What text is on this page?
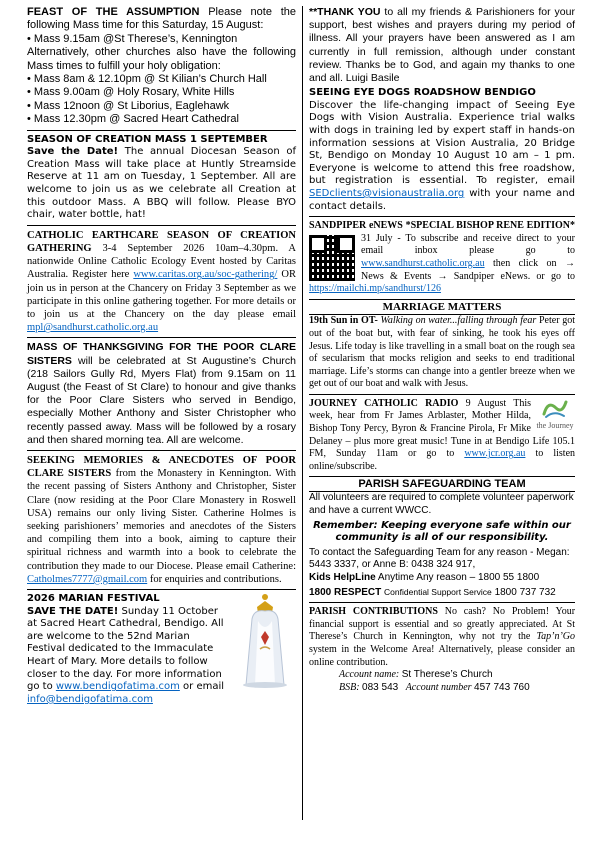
FEAST OF THE ASSUMPTION Please note the following Mass time for this Saturday, 15 August:
• Mass 9.15am @St Therese’s, Kennington
Alternatively, other churches also have the following Mass times to fulfill your holy obligation:
• Mass 8am & 12.10pm @ St Kilian’s Church Hall
• Mass 9.00am @ Holy Rosary, White Hills
• Mass 12noon @ St Liborius, Eaglehawk
• Mass 12.30pm @ Sacred Heart Cathedral
SEASON OF CREATION MASS 1 SEPTEMBER
Save the Date! The annual Diocesan Season of Creation Mass will take place at Huntly Streamside Reserve at 11 am on Tuesday, 1 September. All are welcome to join us as we celebrate all Creation at this outdoor Mass. A BBQ will follow. Please BYO chair, water bottle, hat!
CATHOLIC EARTHCARE SEASON OF CREATION GATHERING 3-4 September 2026 10am–4.30pm. A nationwide Online Catholic Ecology Event hosted by Caritas Australia. Register here www.caritas.org.au/soc-gathering/ OR join us in person at the Chancery on Friday 3 September as we participate in this online gathering together. For more details or to join us at the Chancery on the day please email mpl@sandhurst.catholic.org.au
MASS OF THANKSGIVING FOR THE POOR CLARE SISTERS will be celebrated at St Augustine’s Church (218 Sailors Gully Rd, Myers Flat) from 9.15am on 11 August (the Feast of St Clare) to honour and give thanks for the Poor Clare Sisters who served in Bendigo, especially Mother Anthony and Sister Christopher who recently passed away. Mass will be followed by a rosary and then shared morning tea. All are welcome.
SEEKING MEMORIES & ANECDOTES OF POOR CLARE SISTERS from the Monastery in Kennington. With the recent passing of Sisters Anthony and Christopher, Sister Clare (now residing at the Poor Clare Monastery in Roswell USA) remains our only living Sister. Catherine Holmes is seeking parishioners’ memories and anecdotes of the Sisters and compiling them into a book, aiming to capture their spiritual richness and warmth into a book to celebrate the contribution they made to our Diocese. Please email Catherine: Catholmes7777@gmail.com for enquiries and contributions.
2026 MARIAN FESTIVAL
SAVE THE DATE! Sunday 11 October at Sacred Heart Cathedral, Bendigo. All are welcome to the 52nd Marian Festival dedicated to the Immaculate Heart of Mary. More details to follow closer to the day. For more information go to www.bendigofatima.com or email info@bendigofatima.com
**THANK YOU to all my friends & Parishioners for your support, best wishes and prayers during my period of illness. All your prayers have been answered as I am currently in full remission, although under constant review. Thanks be to God, and again my thanks to one and all. Luigi Basile
SEEING EYE DOGS ROADSHOW BENDIGO
Discover the life-changing impact of Seeing Eye Dogs with Vision Australia. Experience trial walks with dogs in training led by expert staff in hands-on information sessions at Vision Australia, 20 Bridge St, Bendigo on Monday 10 August 10 am – 1 pm. Everyone is welcome to attend this free roadshow, but registration is essential. To register, email SEDclients@visionaustralia.org with your name and contact details.
SANDPIPER eNEWS *SPECIAL BISHOP RENE EDITION*
31 July - To subscribe and receive direct to your email inbox please go to www.sandhurst.catholic.org.au then click on → News & Events → Sandpiper eNews. or go to https://mailchi.mp/sandhurst/126
MARRIAGE MATTERS
19th Sun in OT- Walking on water...falling through fear Peter got out of the boat but, with fear of sinking, he took his eyes off Jesus. Life today is like travelling in a small boat on the rough sea of secularism that mocks religion and seeks to end traditional marriage. Life’s storms can change into a gentler breeze when we get out of our boat and walk with Jesus.
the Journey
JOURNEY CATHOLIC RADIO 9 August This week, hear from Fr James Arblaster, Mother Hilda, Bishop Tony Percy, Byron & Francine Pirola, Fr Mike Delaney – plus more great music! Tune in at Bendigo Life 105.1 FM, Sunday 11am or go to www.jcr.org.au to listen online/subscribe.
PARISH SAFEGUARDING TEAM
All volunteers are required to complete volunteer paperwork and have a current WWCC.
Remember: Keeping everyone safe within our community is all of our responsibility.
To contact the Safeguarding Team for any reason - Megan: 5443 3337, or Anne B: 0438 324 917,
Kids HelpLine Anytime Any reason – 1800 55 1800
1800 RESPECT Confidential Support Service 1800 737 732
PARISH CONTRIBUTIONS No cash? No Problem! Your financial support is essential and so greatly appreciated. At St Therese’s Church in Kennington, why not try the Tap’n’Go system in the Welcome Area! Alternatively, please consider an online contribution.
Account name: St Therese’s Church
BSB: 083 543 Account number 457 743 760
